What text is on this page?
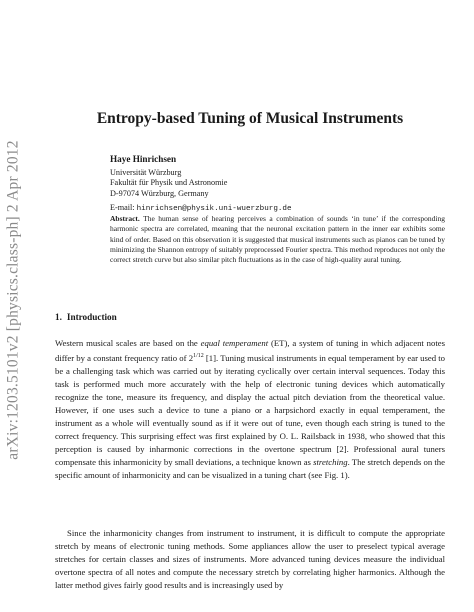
arXiv:1203.5101v2 [physics.class-ph] 2 Apr 2012
Entropy-based Tuning of Musical Instruments
Haye Hinrichsen
Universität Würzburg
Fakultät für Physik und Astronomie
D-97074 Würzburg, Germany
E-mail: hinrichsen@physik.uni-wuerzburg.de
Abstract. The human sense of hearing perceives a combination of sounds ‘in tune’ if the corresponding harmonic spectra are correlated, meaning that the neuronal excitation pattern in the inner ear exhibits some kind of order. Based on this observation it is suggested that musical instruments such as pianos can be tuned by minimizing the Shannon entropy of suitably preprocessed Fourier spectra. This method reproduces not only the correct stretch curve but also similar pitch fluctuations as in the case of high-quality aural tuning.
1. Introduction
Western musical scales are based on the equal temperament (ET), a system of tuning in which adjacent notes differ by a constant frequency ratio of $2^{1/12}$ [1]. Tuning musical instruments in equal temperament by ear used to be a challenging task which was carried out by iterating cyclically over certain interval sequences. Today this task is performed much more accurately with the help of electronic tuning devices which automatically recognize the tone, measure its frequency, and display the actual pitch deviation from the theoretical value. However, if one uses such a device to tune a piano or a harpsichord exactly in equal temperament, the instrument as a whole will eventually sound as if it were out of tune, even though each string is tuned to the correct frequency. This surprising effect was first explained by O. L. Railsback in 1938, who showed that this perception is caused by inharmonic corrections in the overtone spectrum [2]. Professional aural tuners compensate this inharmonicity by small deviations, a technique known as stretching. The stretch depends on the specific amount of inharmonicity and can be visualized in a tuning chart (see Fig. 1).
Since the inharmonicity changes from instrument to instrument, it is difficult to compute the appropriate stretch by means of electronic tuning methods. Some appliances allow the user to preselect typical average stretches for certain classes and sizes of instruments. More advanced tuning devices measure the individual overtone spectra of all notes and compute the necessary stretch by correlating higher harmonics. Although the latter method gives fairly good results and is increasingly used by
